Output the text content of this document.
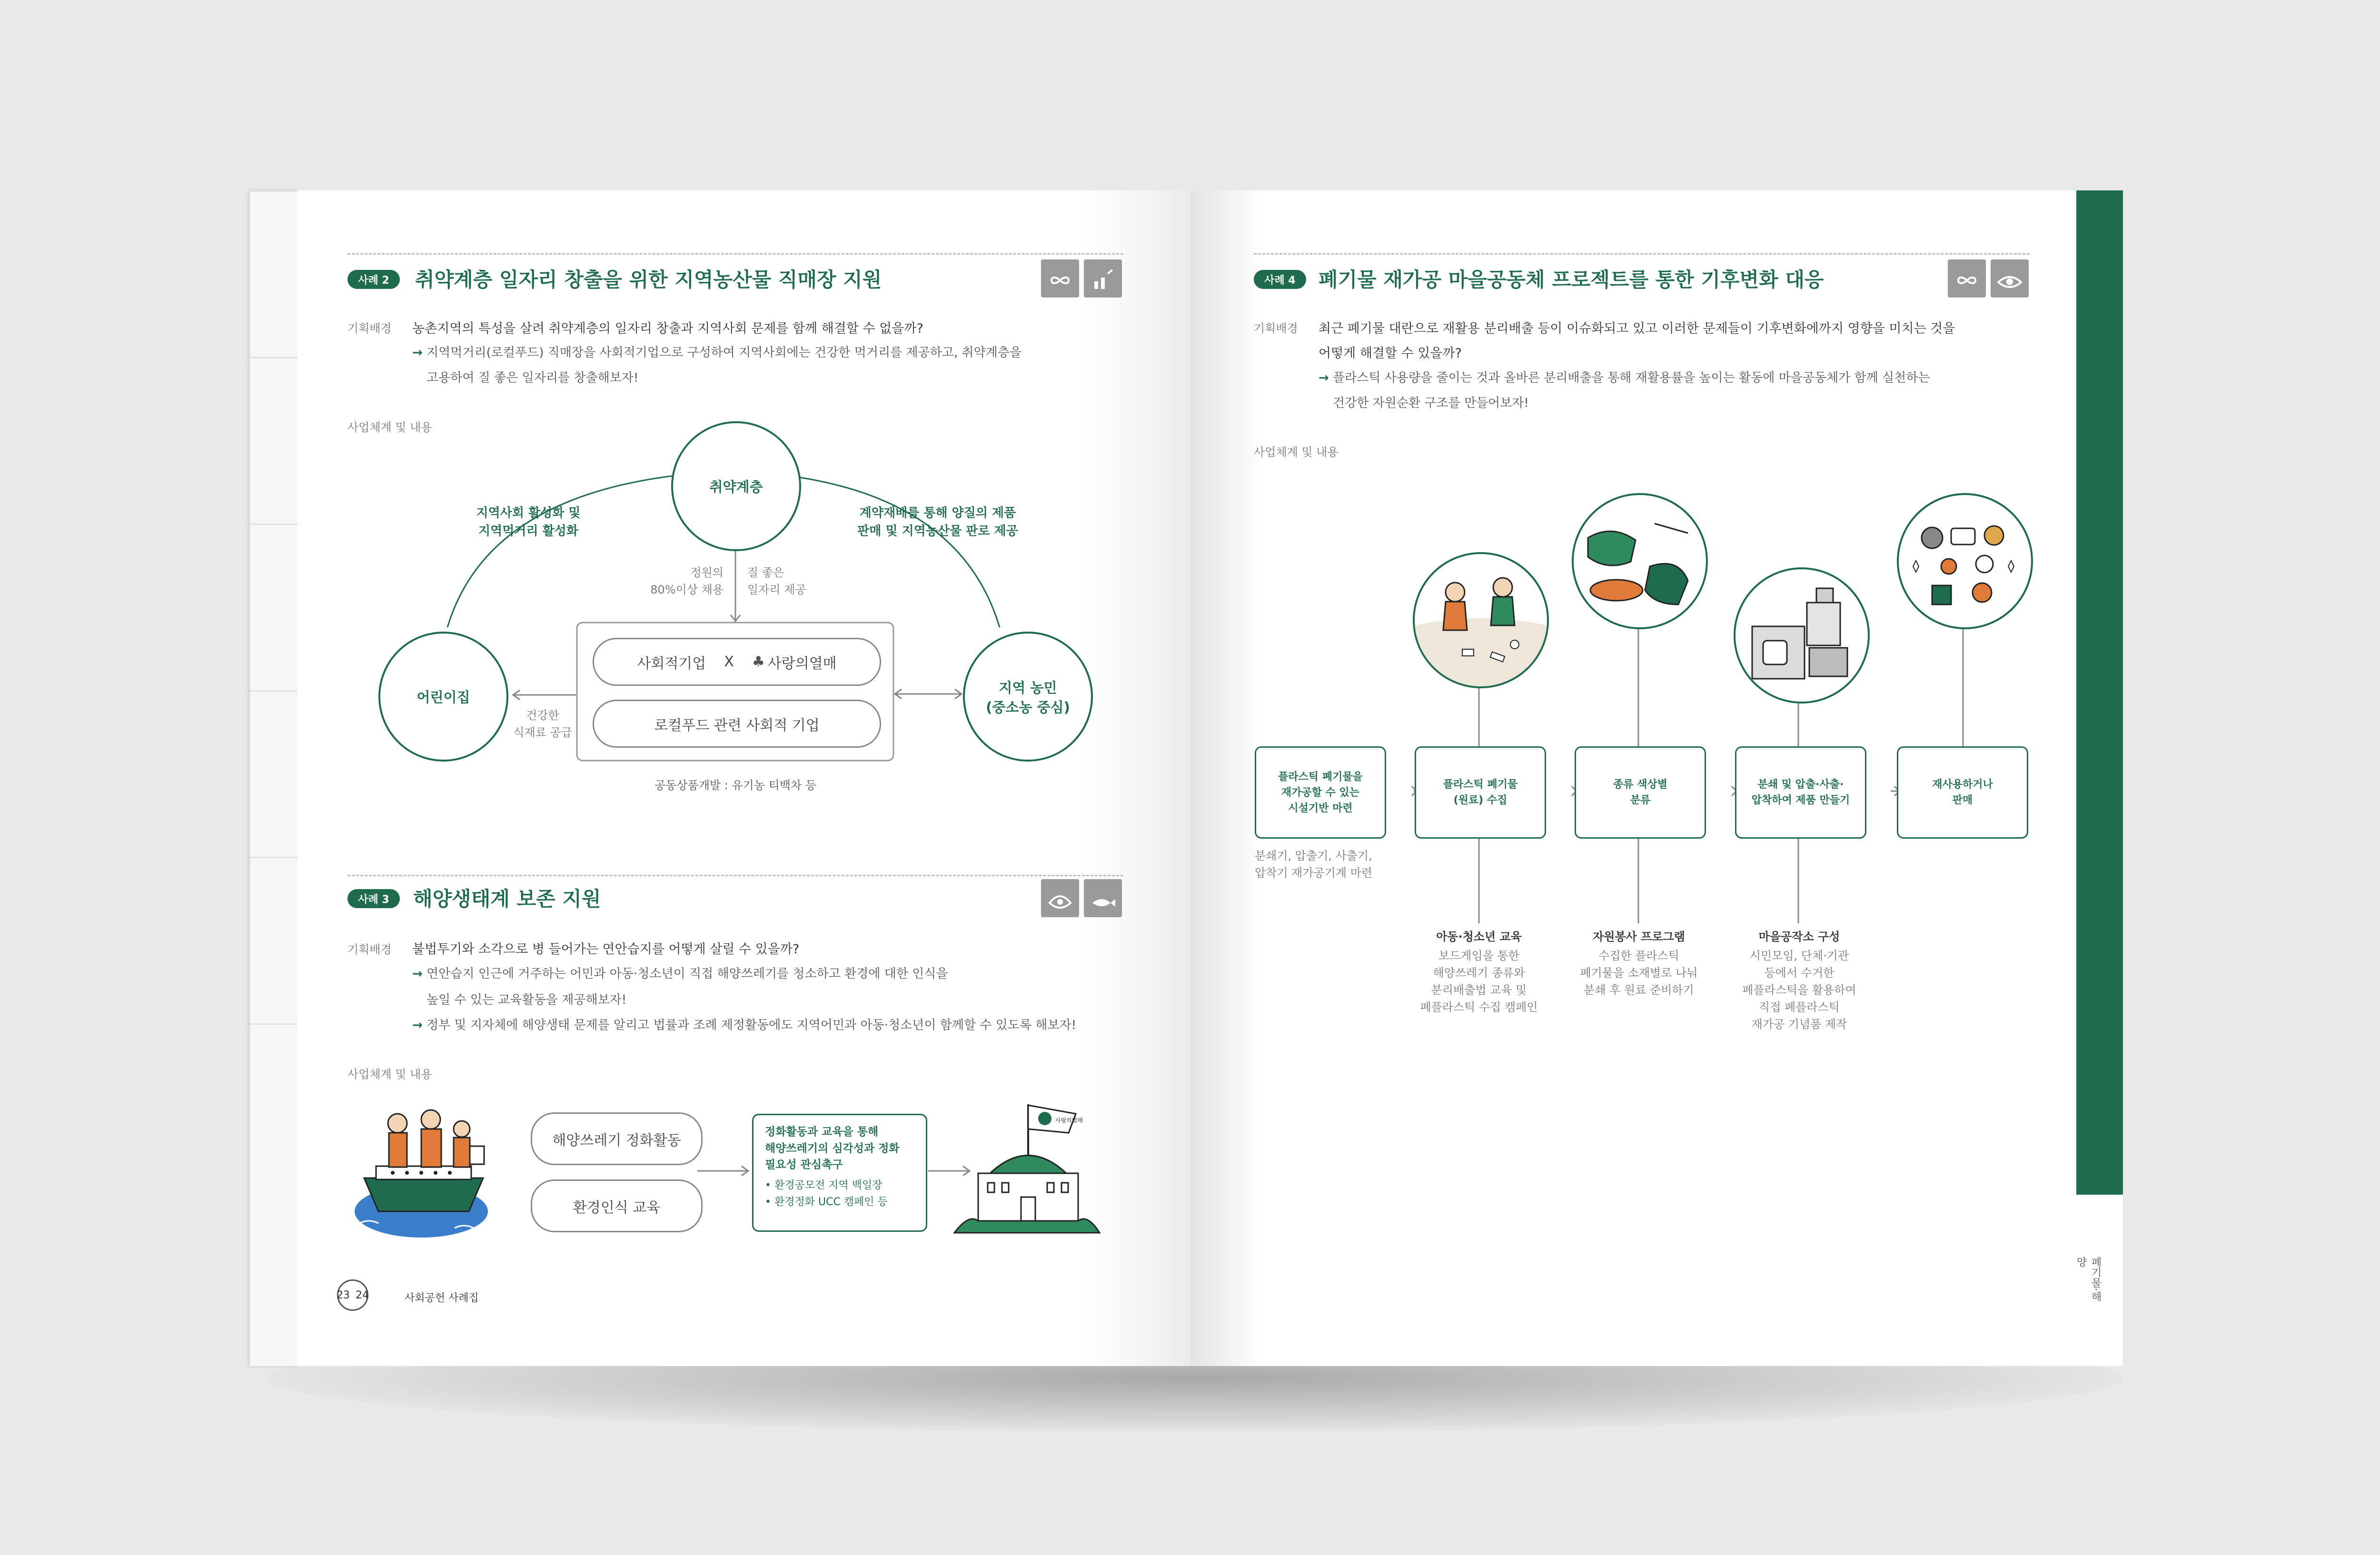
사례 2	취약계층 일자리 창출을 위한 지역농산물 직매장 지원
기획배경 농촌지역의 특성을 살려 취약계층의 일자리 창출과 지역사회 문제를 함께 해결할 수 없을까?
→ 지역먹거리(로컬푸드) 직매장을 사회적기업으로 구성하여 지역사회에는 건강한 먹거리를 제공하고, 취약계층을
고용하여 질 좋은 일자리를 창출해보자!
사업체계 및 내용
취약계층
어린이집
지역 농민
(중소농 중심)
지역사회 활성화 및
지역먹거리 활성화
계약재배를 통해 양질의 제품
판매 및 지역농산물 판로 제공
정원의
80%이상 채용
질 좋은
일자리 제공
건강한
식재료 공급
사회적기업 X ♣ 사랑의열매
로컬푸드 관련 사회적 기업
공동상품개발 : 유기농 티백차 등
사례 3	해양생태계 보존 지원
기획배경 불법투기와 소각으로 병 들어가는 연안습지를 어떻게 살릴 수 있을까?
→ 연안습지 인근에 거주하는 어민과 아동·청소년이 직접 해양쓰레기를 청소하고 환경에 대한 인식을
높일 수 있는 교육활동을 제공해보자!
→ 정부 및 지자체에 해양생태 문제를 알리고 법률과 조례 제정활동에도 지역어민과 아동·청소년이 함께할 수 있도록 해보자!
사업체계 및 내용
해양쓰레기 정화활동
환경인식 교육
정화활동과 교육을 통해
해양쓰레기의 심각성과 정화
필요성 관심촉구
• 환경공모전 지역 백일장
• 환경정화 UCC 캠페인 등
사랑의열매
23 24	사회공헌 사례집	폐기물·해양
사례 4	폐기물 재가공 마을공동체 프로젝트를 통한 기후변화 대응
기획배경 최근 폐기물 대란으로 재활용 분리배출 등이 이슈화되고 있고 이러한 문제들이 기후변화에까지 영향을 미치는 것을
어떻게 해결할 수 있을까?
→ 플라스틱 사용량을 줄이는 것과 올바른 분리배출을 통해 재활용률을 높이는 활동에 마을공동체가 함께 실천하는
건강한 자원순환 구조를 만들어보자!
사업체계 및 내용
플라스틱 폐기물을
재가공할 수 있는
시설기반 마련
플라스틱 폐기물
(원료) 수집
종류 색상별
분류
분쇄 및 압출·사출·
압착하여 제품 만들기
재사용하거나
판매
분쇄기, 압출기, 사출기,
압착기 재가공기계 마련
아동·청소년 교육
보드게임을 통한
해양쓰레기 종류와
분리배출법 교육 및
폐플라스틱 수집 캠페인
자원봉사 프로그램
수집한 플라스틱
폐기물을 소재별로 나눠
분쇄 후 원료 준비하기
마을공작소 구성
시민모임, 단체·기관
등에서 수거한
폐플라스틱을 활용하여
직접 폐플라스틱
재가공 기념품 제작
